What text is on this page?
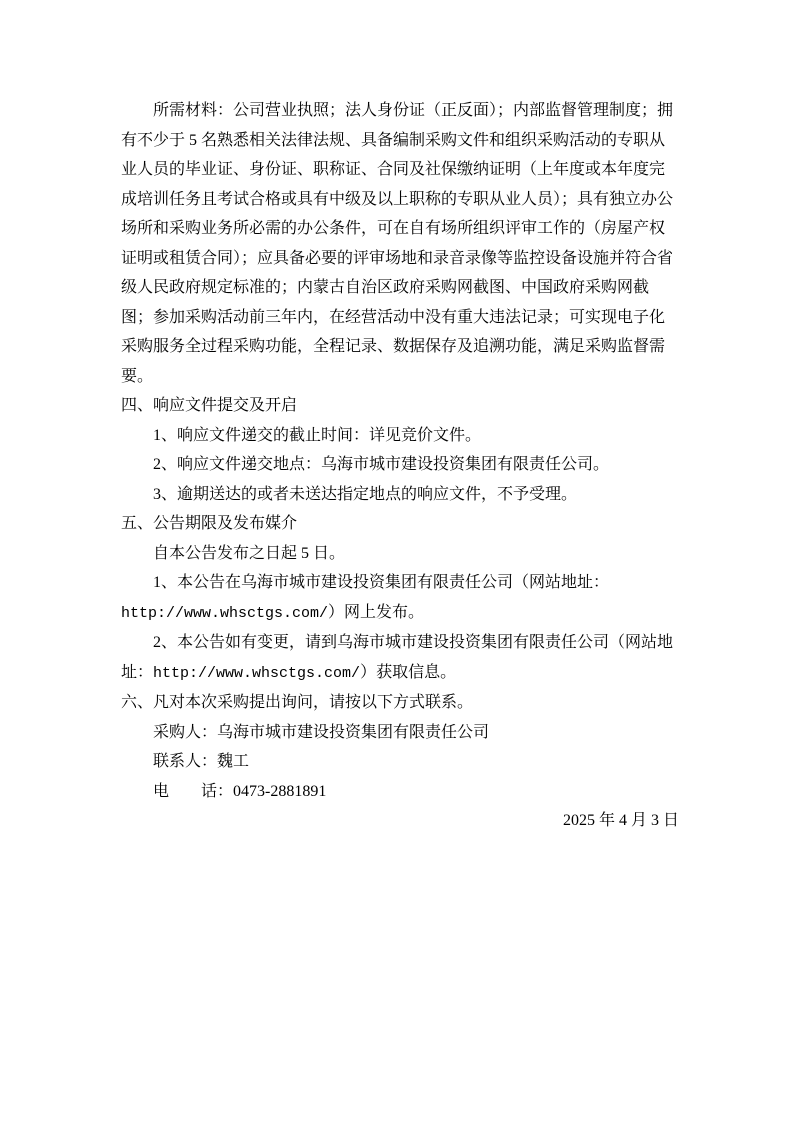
所需材料：公司营业执照；法人身份证（正反面）；内部监督管理制度；拥有不少于 5 名熟悉相关法律法规、具备编制采购文件和组织采购活动的专职从业人员的毕业证、身份证、职称证、合同及社保缴纳证明（上年度或本年度完成培训任务且考试合格或具有中级及以上职称的专职从业人员）；具有独立办公场所和采购业务所必需的办公条件，可在自有场所组织评审工作的（房屋产权证明或租赁合同）；应具备必要的评审场地和录音录像等监控设备设施并符合省级人民政府规定标准的；内蒙古自治区政府采购网截图、中国政府采购网截图；参加采购活动前三年内，在经营活动中没有重大违法记录；可实现电子化采购服务全过程采购功能，全程记录、数据保存及追溯功能，满足采购监督需要。

四、响应文件提交及开启

1、响应文件递交的截止时间：详见竞价文件。

2、响应文件递交地点：乌海市城市建设投资集团有限责任公司。

3、逾期送达的或者未送达指定地点的响应文件，不予受理。

五、公告期限及发布媒介

自本公告发布之日起 5 日。

1、本公告在乌海市城市建设投资集团有限责任公司（网站地址：http://www.whsctgs.com/）网上发布。

2、本公告如有变更，请到乌海市城市建设投资集团有限责任公司（网站地址：http://www.whsctgs.com/）获取信息。

六、凡对本次采购提出询问，请按以下方式联系。

采购人：乌海市城市建设投资集团有限责任公司

联系人：魏工

电　　话：0473-2881891

2025 年 4 月 3 日
